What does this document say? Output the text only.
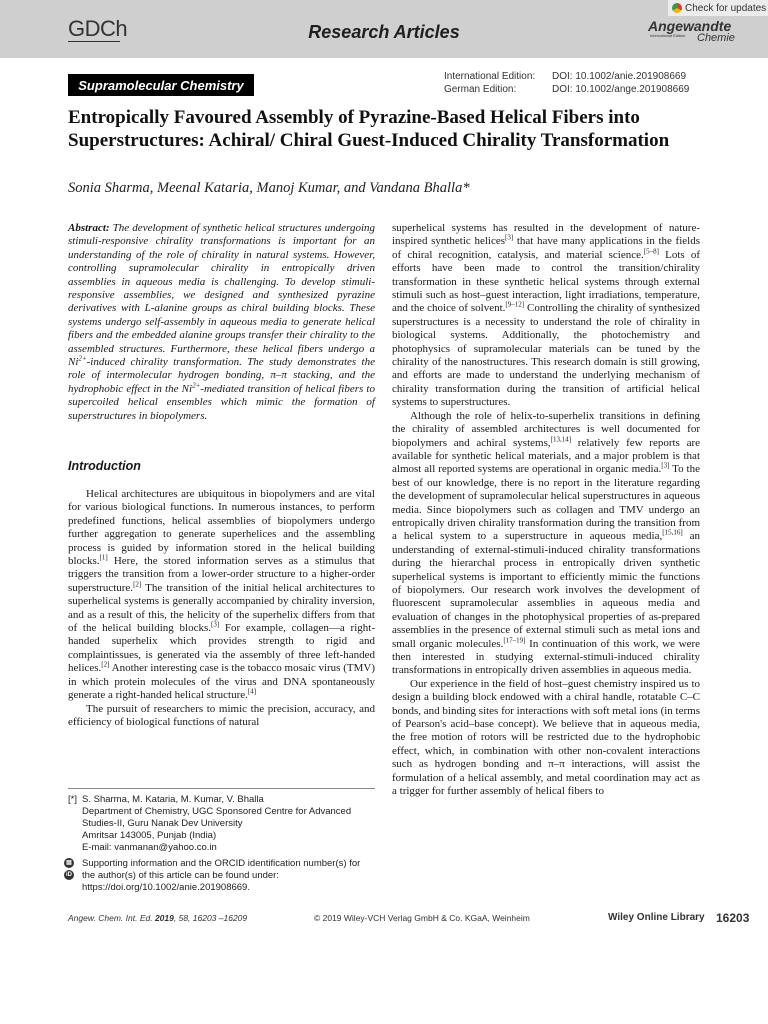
GDCh	Research Articles
Check for updates
Angewandte
International Edition Chemie
Supramolecular Chemistry
International Edition:	DOI: 10.1002/anie.201908669
German Edition:	DOI: 10.1002/ange.201908669
Entropically Favoured Assembly of Pyrazine-Based Helical Fibers into Superstructures: Achiral/ Chiral Guest-Induced Chirality Transformation
Sonia Sharma, Meenal Kataria, Manoj Kumar, and Vandana Bhalla*

Abstract: The development of synthetic helical structures undergoing stimuli-responsive chirality transformations is important for an understanding of the role of chirality in natural systems. However, controlling supramolecular chirality in entropically driven assemblies in aqueous media is challenging. To develop stimuli-responsive assemblies, we designed and synthesized pyrazine derivatives with L-alanine groups as chiral building blocks. These systems undergo self-assembly in aqueous media to generate helical fibers and the embedded alanine groups transfer their chirality to the assembled structures. Furthermore, these helical fibers undergo a $Ni^{2+}$-induced chirality transformation. The study demonstrates the role of intermolecular hydrogen bonding, π–π stacking, and the hydrophobic effect in the $Ni^{2+}$-mediated transition of helical fibers to supercoiled helical ensembles which mimic the formation of superstructures in biopolymers.

Introduction

Helical architectures are ubiquitous in biopolymers and are vital for various biological functions. In numerous instances, to perform predefined functions, helical assemblies of biopolymers undergo further aggregation to generate superhelices and the assembling process is guided by information stored in the helical building blocks.[1] Here, the stored information serves as a stimulus that triggers the transition from a lower-order structure to a higher-order superstructure.[2] The transition of the initial helical architectures to superhelical systems is generally accompanied by chirality inversion, and as a result of this, the helicity of the superhelix differs from that of the helical building blocks.[3] For example, collagen—a right-handed superhelix which provides strength to rigid and complaintissues, is generated via the assembly of three left-handed helices.[2] Another interesting case is the tobacco mosaic virus (TMV) in which protein molecules of the virus and DNA spontaneously generate a right-handed helical structure.[4]

The pursuit of researchers to mimic the precision, accuracy, and efficiency of biological functions of natural

superhelical systems has resulted in the development of nature-inspired synthetic helices[3] that have many applications in the fields of chiral recognition, catalysis, and material science.[5–8] Lots of efforts have been made to control the transition/chirality transformation in these synthetic helical systems through external stimuli such as host–guest interaction, light irradiations, temperature, and the choice of solvent.[9–12] Controlling the chirality of synthesized superstructures is a necessity to understand the role of chirality in biological systems. Additionally, the photochemistry and photophysics of supramolecular materials can be tuned by the chirality of the nanostructures. This research domain is still growing, and efforts are made to understand the underlying mechanism of chirality transformation during the transition of artificial helical systems to superstructures.

Although the role of helix-to-superhelix transitions in defining the chirality of assembled architectures is well documented for biopolymers and achiral systems,[13,14] relatively few reports are available for synthetic helical materials, and a major problem is that almost all reported systems are operational in organic media.[3] To the best of our knowledge, there is no report in the literature regarding the development of supramolecular helical superstructures in aqueous media. Since biopolymers such as collagen and TMV undergo an entropically driven chirality transformation during the transition from a helical system to a superstructure in aqueous media,[15,16] an understanding of external-stimuli-induced chirality transformations during the hierarchal process in entropically driven synthetic superhelical systems is important to efficiently mimic the functions of biopolymers. Our research work involves the development of fluorescent supramolecular assemblies in aqueous media and evaluation of changes in the photophysical properties of as-prepared assemblies in the presence of external stimuli such as metal ions and small organic molecules.[17–19] In continuation of this work, we were then interested in studying external-stimuli-induced chirality transformations in entropically driven assemblies in aqueous media.

Our experience in the field of host–guest chemistry inspired us to design a building block endowed with a chiral handle, rotatable C–C bonds, and binding sites for interactions with soft metal ions (in terms of Pearson's acid–base concept). We believe that in aqueous media, the free motion of rotors will be restricted due to the hydrophobic effect, which, in combination with other non-covalent interactions such as hydrogen bonding and π–π interactions, will assist the formulation of a helical assembly, and metal coordination may act as a trigger for further assembly of helical fibers to

[*] S. Sharma, M. Kataria, M. Kumar, V. Bhalla
Department of Chemistry, UGC Sponsored Centre for Advanced Studies-II, Guru Nanak Dev University
Amritsar 143005, Punjab (India)
E-mail: vanmanan@yahoo.co.in
▤
iD
Supporting information and the ORCID identification number(s) for the author(s) of this article can be found under: https://doi.org/10.1002/anie.201908669.
Angew. Chem. Int. Ed. 2019, 58, 16203 –16209	© 2019 Wiley-VCH Verlag GmbH & Co. KGaA, Weinheim	Wiley Online Library 16203
